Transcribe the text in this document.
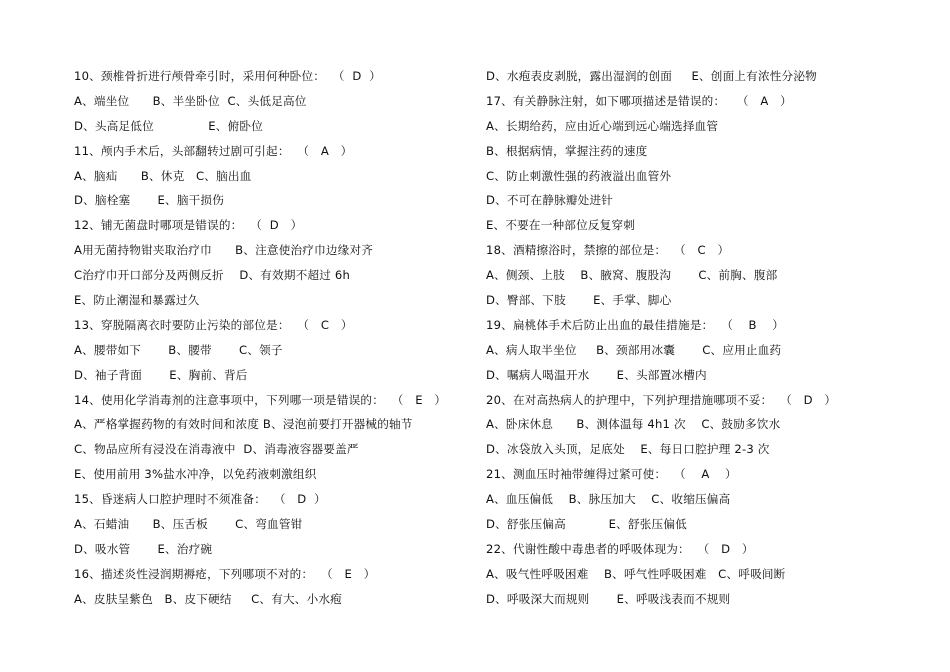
10、颈椎骨折进行颅骨牵引时，采用何种卧位：  （  D  ）
A、端坐位      B、半坐卧位  C、头低足高位
D、头高足低位              E、俯卧位
11、颅内手术后，头部翻转过剧可引起：  （   A   ）
A、脑疝      B、休克   C、脑出血
D、脑栓塞       E、脑干损伤
12、铺无菌盘时哪项是错误的：  （  D   ）
A用无菌持物钳夹取治疗巾      B、注意使治疗巾边缘对齐
C治疗巾开口部分及两侧反折    D、有效期不超过 6h
E、防止潮湿和暴露过久
13、穿脱隔离衣时要防止污染的部位是：  （   C   ）
A、腰带如下       B、腰带       C、领子
D、袖子背面       E、胸前、背后
14、使用化学消毒剂的注意事项中，下列哪一项是错误的：  （   E   ）
A、严格掌握药物的有效时间和浓度 B、浸泡前要打开器械的轴节
C、物品应所有浸没在消毒液中  D、消毒液容器要盖严
E、使用前用 3%盐水冲净，以免药液刺激组织
15、昏迷病人口腔护理时不须准备：  （   D  ）
A、石蜡油      B、压舌板       C、弯血管钳
D、吸水管       E、治疗碗
16、描述炎性浸润期褥疮，下列哪项不对的：  （   E   ）
A、皮肤呈紫色   B、皮下硬结     C、有大、小水疱
D、水疱表皮剥脱，露出湿润的创面     E、创面上有浓性分泌物
17、有关静脉注射，如下哪项描述是错误的：   （   A   ）
A、长期给药，应由近心端到远心端选择血管
B、根据病情，掌握注药的速度
C、防止刺激性强的药液溢出血管外
D、不可在静脉瓣处进针
E、不要在一种部位反复穿刺
18、酒精擦浴时，禁擦的部位是：  （   C   ）
A、侧颈、上肢    B、腋窝、腹股沟       C、前胸、腹部
D、臀部、下肢       E、手掌、脚心
19、扁桃体手术后防止出血的最佳措施是：  （    B    ）
A、病人取半坐位     B、颈部用冰囊       C、应用止血药
D、嘱病人喝温开水       E、头部置冰槽内
20、在对高热病人的护理中，下列护理措施哪项不妥：  （   D   ）
A、卧床休息      B、测体温每 4h1 次    C、鼓励多饮水
D、冰袋放入头顶，足底处    E、每日口腔护理 2-3 次
21、测血压时袖带缠得过紧可使：  （    A    ）
A、血压偏低    B、脉压加大    C、收缩压偏高
D、舒张压偏高           E、舒张压偏低
22、代谢性酸中毒患者的呼吸体现为：  （   D   ）
A、吸气性呼吸困难    B、呼气性呼吸困难   C、呼吸间断
D、呼吸深大而规则       E、呼吸浅表而不规则
